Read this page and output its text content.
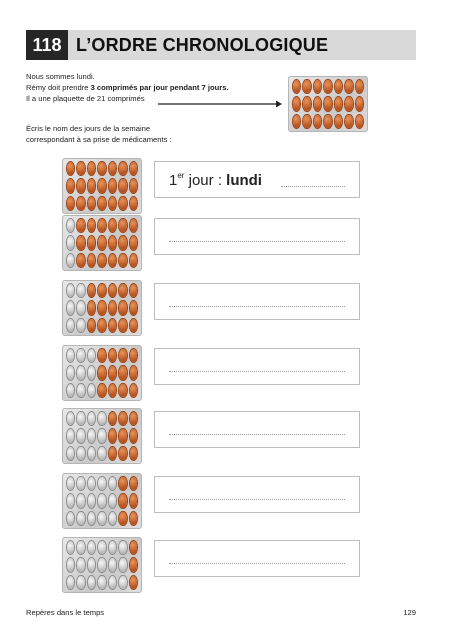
118 L’ORDRE CHRONOLOGIQUE
Nous sommes lundi.
Rémy doit prendre 3 comprimés par jour pendant 7 jours.
Il a une plaquette de 21 comprimés
Écris le nom des jours de la semaine
correspondant à sa prise de médicaments :
1er jour : lundi
Repères dans le temps	129
